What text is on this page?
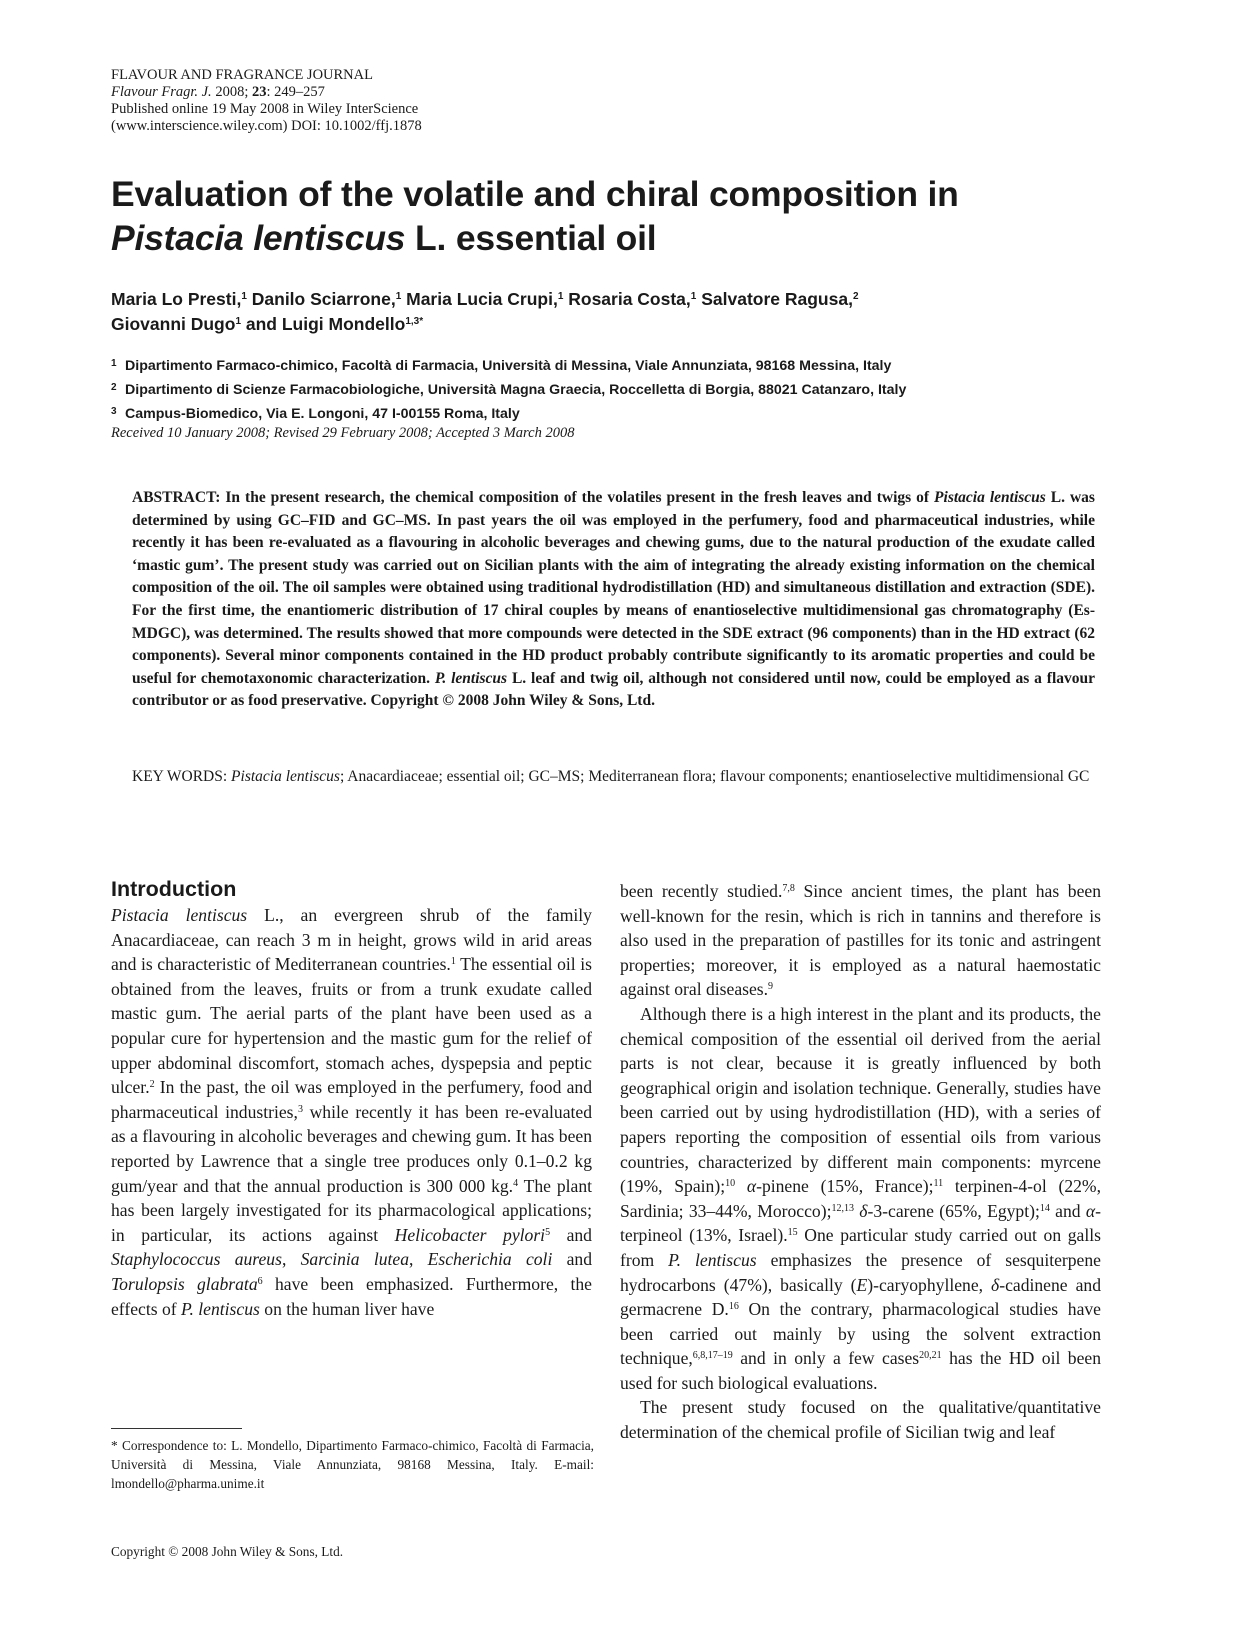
FLAVOUR AND FRAGRANCE JOURNAL
Flavour Fragr. J. 2008; 23: 249–257
Published online 19 May 2008 in Wiley InterScience
(www.interscience.wiley.com) DOI: 10.1002/ffj.1878
Evaluation of the volatile and chiral composition in
Pistacia lentiscus L. essential oil
Maria Lo Presti,$^1$ Danilo Sciarrone,$^1$ Maria Lucia Crupi,$^1$ Rosaria Costa,$^1$ Salvatore Ragusa,$^2$
Giovanni Dugo$^1$ and Luigi Mondello$^{1,3*}$
1 Dipartimento Farmaco-chimico, Facoltà di Farmacia, Università di Messina, Viale Annunziata, 98168 Messina, Italy
2 Dipartimento di Scienze Farmacobiologiche, Università Magna Graecia, Roccelletta di Borgia, 88021 Catanzaro, Italy
3 Campus-Biomedico, Via E. Longoni, 47 I-00155 Roma, Italy
Received 10 January 2008; Revised 29 February 2008; Accepted 3 March 2008
ABSTRACT: In the present research, the chemical composition of the volatiles present in the fresh leaves and twigs of Pistacia lentiscus L. was determined by using GC–FID and GC–MS. In past years the oil was employed in the perfumery, food and pharmaceutical industries, while recently it has been re-evaluated as a flavouring in alcoholic beverages and chewing gums, due to the natural production of the exudate called ‘mastic gum’. The present study was carried out on Sicilian plants with the aim of integrating the already existing information on the chemical composition of the oil. The oil samples were obtained using traditional hydrodistillation (HD) and simultaneous distillation and extraction (SDE). For the first time, the enantiomeric distribution of 17 chiral couples by means of enantioselective multidimensional gas chromatography (Es-MDGC), was determined. The results showed that more compounds were detected in the SDE extract (96 components) than in the HD extract (62 components). Several minor components contained in the HD product probably contribute significantly to its aromatic properties and could be useful for chemotaxonomic characterization. P. lentiscus L. leaf and twig oil, although not considered until now, could be employed as a flavour contributor or as food preservative. Copyright © 2008 John Wiley & Sons, Ltd.
KEY WORDS: Pistacia lentiscus; Anacardiaceae; essential oil; GC–MS; Mediterranean flora; flavour components; enantioselective multidimensional GC
Introduction

Pistacia lentiscus L., an evergreen shrub of the family Anacardiaceae, can reach 3 m in height, grows wild in arid areas and is characteristic of Mediterranean countries.$^1$ The essential oil is obtained from the leaves, fruits or from a trunk exudate called mastic gum. The aerial parts of the plant have been used as a popular cure for hypertension and the mastic gum for the relief of upper abdominal discomfort, stomach aches, dyspepsia and peptic ulcer.$^2$ In the past, the oil was employed in the perfumery, food and pharmaceutical industries,$^3$ while recently it has been re-evaluated as a flavouring in alcoholic beverages and chewing gum. It has been reported by Lawrence that a single tree produces only 0.1–0.2 kg gum/year and that the annual production is 300 000 kg.$^4$ The plant has been largely investigated for its pharmacological applications; in particular, its actions against Helicobacter pylori$^5$ and Staphylococcus aureus, Sarcinia lutea, Escherichia coli and Torulopsis glabrata$^6$ have been emphasized. Furthermore, the effects of P. lentiscus on the human liver have

been recently studied.$^{7,8}$ Since ancient times, the plant has been well-known for the resin, which is rich in tannins and therefore is also used in the preparation of pastilles for its tonic and astringent properties; moreover, it is employed as a natural haemostatic against oral diseases.$^9$

Although there is a high interest in the plant and its products, the chemical composition of the essential oil derived from the aerial parts is not clear, because it is greatly influenced by both geographical origin and isolation technique. Generally, studies have been carried out by using hydrodistillation (HD), with a series of papers reporting the composition of essential oils from various countries, characterized by different main components: myrcene (19%, Spain);$^{10}$ α-pinene (15%, France);$^{11}$ terpinen-4-ol (22%, Sardinia; 33–44%, Morocco);$^{12,13}$ δ-3-carene (65%, Egypt);$^{14}$ and α-terpineol (13%, Israel).$^{15}$ One particular study carried out on galls from P. lentiscus emphasizes the presence of sesquiterpene hydrocarbons (47%), basically (E)-caryophyllene, δ-cadinene and germacrene D.$^{16}$ On the contrary, pharmacological studies have been carried out mainly by using the solvent extraction technique,$^{6,8,17-19}$ and in only a few cases$^{20,21}$ has the HD oil been used for such biological evaluations.

The present study focused on the qualitative/quantitative determination of the chemical profile of Sicilian twig and leaf

* Correspondence to: L. Mondello, Dipartimento Farmaco-chimico, Facoltà di Farmacia, Università di Messina, Viale Annunziata, 98168 Messina, Italy. E-mail: lmondello@pharma.unime.it
Copyright © 2008 John Wiley & Sons, Ltd.
